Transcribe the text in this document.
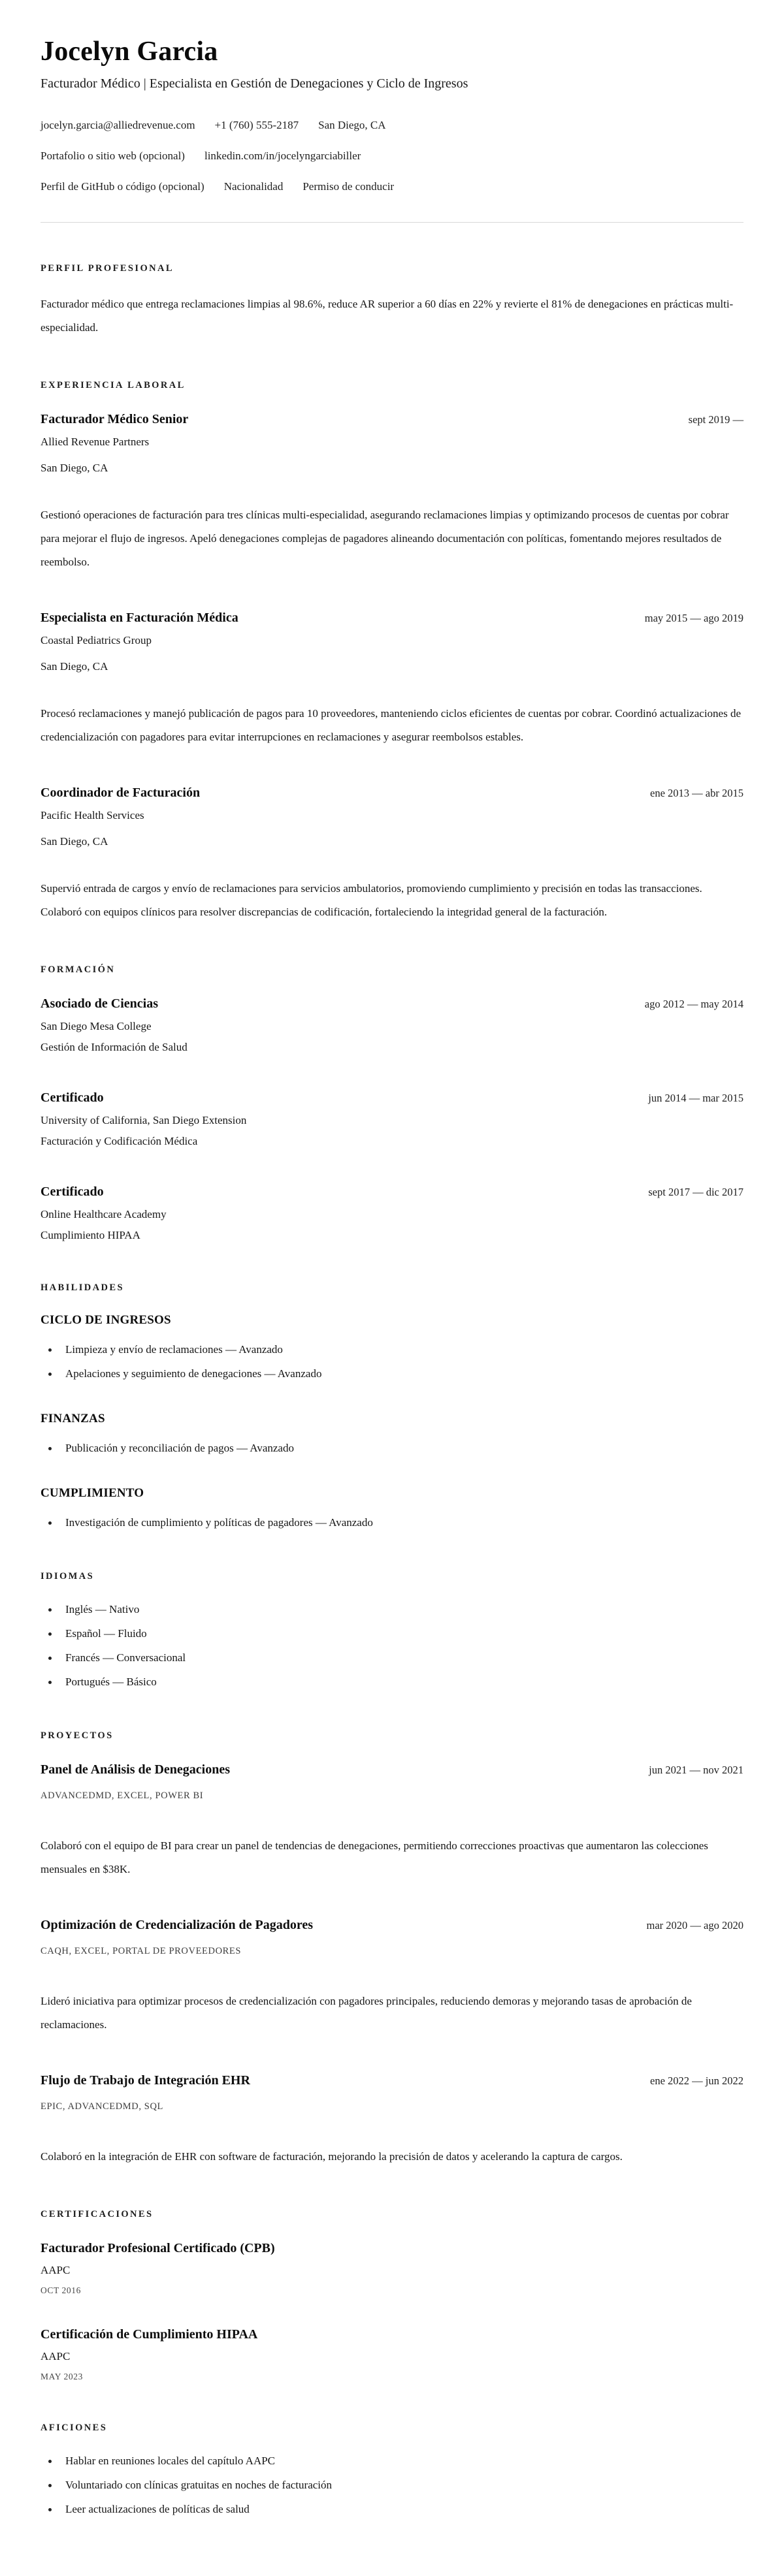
Jocelyn Garcia
Facturador Médico | Especialista en Gestión de Denegaciones y Ciclo de Ingresos
jocelyn.garcia@alliedrevenue.com +1 (760) 555-2187 San Diego, CA
Portafolio o sitio web (opcional) linkedin.com/in/jocelyngarciabiller
Perfil de GitHub o código (opcional) Nacionalidad Permiso de conducir
PERFIL PROFESIONAL

Facturador médico que entrega reclamaciones limpias al 98.6%, reduce AR superior a 60 días en 22% y revierte el 81% de denegaciones en prácticas multi-especialidad.

EXPERIENCIA LABORAL
Facturador Médico Senior	sept 2019 —
Allied Revenue Partners
San Diego, CA

Gestionó operaciones de facturación para tres clínicas multi-especialidad, asegurando reclamaciones limpias y optimizando procesos de cuentas por cobrar para mejorar el flujo de ingresos. Apeló denegaciones complejas de pagadores alineando documentación con políticas, fomentando mejores resultados de reembolso.

Especialista en Facturación Médica	may 2015 — ago 2019
Coastal Pediatrics Group
San Diego, CA

Procesó reclamaciones y manejó publicación de pagos para 10 proveedores, manteniendo ciclos eficientes de cuentas por cobrar. Coordinó actualizaciones de credencialización con pagadores para evitar interrupciones en reclamaciones y asegurar reembolsos estables.

Coordinador de Facturación	ene 2013 — abr 2015
Pacific Health Services
San Diego, CA

Supervió entrada de cargos y envío de reclamaciones para servicios ambulatorios, promoviendo cumplimiento y precisión en todas las transacciones. Colaboró con equipos clínicos para resolver discrepancias de codificación, fortaleciendo la integridad general de la facturación.

FORMACIÓN
Asociado de Ciencias	ago 2012 — may 2014
San Diego Mesa College
Gestión de Información de Salud
Certificado	jun 2014 — mar 2015
University of California, San Diego Extension
Facturación y Codificación Médica
Certificado	sept 2017 — dic 2017
Online Healthcare Academy
Cumplimiento HIPAA
HABILIDADES
CICLO DE INGRESOS
Limpieza y envío de reclamaciones — Avanzado
Apelaciones y seguimiento de denegaciones — Avanzado
FINANZAS
Publicación y reconciliación de pagos — Avanzado
CUMPLIMIENTO
Investigación de cumplimiento y políticas de pagadores — Avanzado
IDIOMAS
Inglés — Nativo
Español — Fluido
Francés — Conversacional
Portugués — Básico
PROYECTOS
Panel de Análisis de Denegaciones	jun 2021 — nov 2021
ADVANCEDMD, EXCEL, POWER BI

Colaboró con el equipo de BI para crear un panel de tendencias de denegaciones, permitiendo correcciones proactivas que aumentaron las colecciones mensuales en $38K.

Optimización de Credencialización de Pagadores	mar 2020 — ago 2020
CAQH, EXCEL, PORTAL DE PROVEEDORES

Lideró iniciativa para optimizar procesos de credencialización con pagadores principales, reduciendo demoras y mejorando tasas de aprobación de reclamaciones.

Flujo de Trabajo de Integración EHR	ene 2022 — jun 2022
EPIC, ADVANCEDMD, SQL

Colaboró en la integración de EHR con software de facturación, mejorando la precisión de datos y acelerando la captura de cargos.

CERTIFICACIONES
Facturador Profesional Certificado (CPB)
AAPC
OCT 2016
Certificación de Cumplimiento HIPAA
AAPC
MAY 2023
AFICIONES
Hablar en reuniones locales del capítulo AAPC
Voluntariado con clínicas gratuitas en noches de facturación
Leer actualizaciones de políticas de salud
